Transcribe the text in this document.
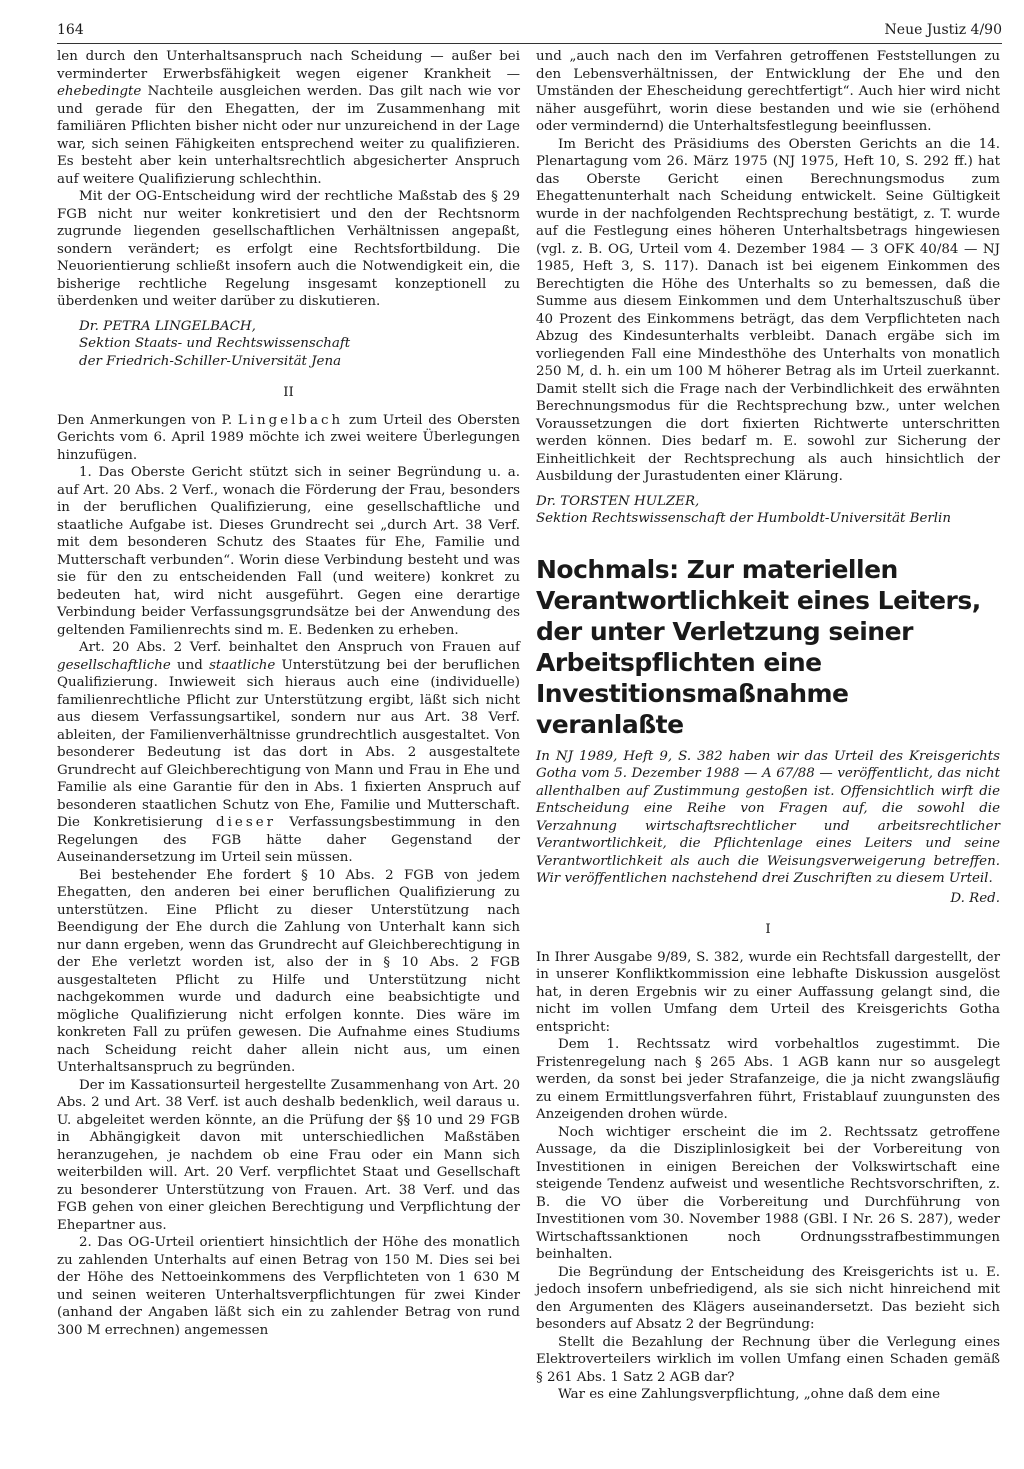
164	Neue Justiz 4/90

len durch den Unterhaltsanspruch nach Scheidung — außer bei verminderter Erwerbsfähigkeit wegen eigener Krankheit — ehebedingte Nachteile ausgleichen werden. Das gilt nach wie vor und gerade für den Ehegatten, der im Zusammenhang mit familiären Pflichten bisher nicht oder nur unzureichend in der Lage war, sich seinen Fähigkeiten entsprechend weiter zu qualifizieren. Es besteht aber kein unterhaltsrechtlich abgesicherter Anspruch auf weitere Qualifizierung schlechthin.

Mit der OG-Entscheidung wird der rechtliche Maßstab des § 29 FGB nicht nur weiter konkretisiert und den der Rechtsnorm zugrunde liegenden gesellschaftlichen Verhältnissen angepaßt, sondern verändert; es erfolgt eine Rechtsfortbildung. Die Neuorientierung schließt insofern auch die Notwendigkeit ein, die bisherige rechtliche Regelung insgesamt konzeptionell zu überdenken und weiter darüber zu diskutieren.

Dr. PETRA LINGELBACH,
Sektion Staats- und Rechtswissenschaft
der Friedrich-Schiller-Universität Jena

II

Den Anmerkungen von P. Lingelbach zum Urteil des Obersten Gerichts vom 6. April 1989 möchte ich zwei weitere Überlegungen hinzufügen.

1. Das Oberste Gericht stützt sich in seiner Begründung u. a. auf Art. 20 Abs. 2 Verf., wonach die Förderung der Frau, besonders in der beruflichen Qualifizierung, eine gesellschaftliche und staatliche Aufgabe ist. Dieses Grundrecht sei „durch Art. 38 Verf. mit dem besonderen Schutz des Staates für Ehe, Familie und Mutterschaft verbunden“. Worin diese Verbindung besteht und was sie für den zu entscheidenden Fall (und weitere) konkret zu bedeuten hat, wird nicht ausgeführt. Gegen eine derartige Verbindung beider Verfassungsgrundsätze bei der Anwendung des geltenden Familienrechts sind m. E. Bedenken zu erheben.

Art. 20 Abs. 2 Verf. beinhaltet den Anspruch von Frauen auf gesellschaftliche und staatliche Unterstützung bei der beruflichen Qualifizierung. Inwieweit sich hieraus auch eine (individuelle) familienrechtliche Pflicht zur Unterstützung ergibt, läßt sich nicht aus diesem Verfassungsartikel, sondern nur aus Art. 38 Verf. ableiten, der Familienverhältnisse grundrechtlich ausgestaltet. Von besonderer Bedeutung ist das dort in Abs. 2 ausgestaltete Grundrecht auf Gleichberechtigung von Mann und Frau in Ehe und Familie als eine Garantie für den in Abs. 1 fixierten Anspruch auf besonderen staatlichen Schutz von Ehe, Familie und Mutterschaft. Die Konkretisierung dieser Verfassungsbestimmung in den Regelungen des FGB hätte daher Gegenstand der Auseinandersetzung im Urteil sein müssen.

Bei bestehender Ehe fordert § 10 Abs. 2 FGB von jedem Ehegatten, den anderen bei einer beruflichen Qualifizierung zu unterstützen. Eine Pflicht zu dieser Unterstützung nach Beendigung der Ehe durch die Zahlung von Unterhalt kann sich nur dann ergeben, wenn das Grundrecht auf Gleichberechtigung in der Ehe verletzt worden ist, also der in § 10 Abs. 2 FGB ausgestalteten Pflicht zu Hilfe und Unterstützung nicht nachgekommen wurde und dadurch eine beabsichtigte und mögliche Qualifizierung nicht erfolgen konnte. Dies wäre im konkreten Fall zu prüfen gewesen. Die Aufnahme eines Studiums nach Scheidung reicht daher allein nicht aus, um einen Unterhaltsanspruch zu begründen.

Der im Kassationsurteil hergestellte Zusammenhang von Art. 20 Abs. 2 und Art. 38 Verf. ist auch deshalb bedenklich, weil daraus u. U. abgeleitet werden könnte, an die Prüfung der §§ 10 und 29 FGB in Abhängigkeit davon mit unterschiedlichen Maßstäben heranzugehen, je nachdem ob eine Frau oder ein Mann sich weiterbilden will. Art. 20 Verf. verpflichtet Staat und Gesellschaft zu besonderer Unterstützung von Frauen. Art. 38 Verf. und das FGB gehen von einer gleichen Berechtigung und Verpflichtung der Ehepartner aus.

2. Das OG-Urteil orientiert hinsichtlich der Höhe des monatlich zu zahlenden Unterhalts auf einen Betrag von 150 M. Dies sei bei der Höhe des Nettoeinkommens des Verpflichteten von 1 630 M und seinen weiteren Unterhaltsverpflichtungen für zwei Kinder (anhand der Angaben läßt sich ein zu zahlender Betrag von rund 300 M errechnen) angemessen

und „auch nach den im Verfahren getroffenen Feststellungen zu den Lebensverhältnissen, der Entwicklung der Ehe und den Umständen der Ehescheidung gerechtfertigt“. Auch hier wird nicht näher ausgeführt, worin diese bestanden und wie sie (erhöhend oder vermindernd) die Unterhaltsfestlegung beeinflussen.

Im Bericht des Präsidiums des Obersten Gerichts an die 14. Plenartagung vom 26. März 1975 (NJ 1975, Heft 10, S. 292 ff.) hat das Oberste Gericht einen Berechnungsmodus zum Ehegattenunterhalt nach Scheidung entwickelt. Seine Gültigkeit wurde in der nachfolgenden Rechtsprechung bestätigt, z. T. wurde auf die Festlegung eines höheren Unterhaltsbetrags hingewiesen (vgl. z. B. OG, Urteil vom 4. Dezember 1984 — 3 OFK 40/84 — NJ 1985, Heft 3, S. 117). Danach ist bei eigenem Einkommen des Berechtigten die Höhe des Unterhalts so zu bemessen, daß die Summe aus diesem Einkommen und dem Unterhaltszuschuß über 40 Prozent des Einkommens beträgt, das dem Verpflichteten nach Abzug des Kindesunterhalts verbleibt. Danach ergäbe sich im vorliegenden Fall eine Mindesthöhe des Unterhalts von monatlich 250 M, d. h. ein um 100 M höherer Betrag als im Urteil zuerkannt. Damit stellt sich die Frage nach der Verbindlichkeit des erwähnten Berechnungsmodus für die Rechtsprechung bzw., unter welchen Voraussetzungen die dort fixierten Richtwerte unterschritten werden können. Dies bedarf m. E. sowohl zur Sicherung der Einheitlichkeit der Rechtsprechung als auch hinsichtlich der Ausbildung der Jurastudenten einer Klärung.

Dr. TORSTEN HULZER,
Sektion Rechtswissenschaft der Humboldt-Universität Berlin

Nochmals: Zur materiellen Verantwortlichkeit eines Leiters, der unter Verletzung seiner Arbeitspflichten eine Investitionsmaßnahme veranlaßte

In NJ 1989, Heft 9, S. 382 haben wir das Urteil des Kreisgerichts Gotha vom 5. Dezember 1988 — A 67/88 — veröffentlicht, das nicht allenthalben auf Zustimmung gestoßen ist. Offensichtlich wirft die Entscheidung eine Reihe von Fragen auf, die sowohl die Verzahnung wirtschaftsrechtlicher und arbeitsrechtlicher Verantwortlichkeit, die Pflichtenlage eines Leiters und seine Verantwortlichkeit als auch die Weisungsverweigerung betreffen. Wir veröffentlichen nachstehend drei Zuschriften zu diesem Urteil.

D. Red.

I

In Ihrer Ausgabe 9/89, S. 382, wurde ein Rechtsfall dargestellt, der in unserer Konfliktkommission eine lebhafte Diskussion ausgelöst hat, in deren Ergebnis wir zu einer Auffassung gelangt sind, die nicht im vollen Umfang dem Urteil des Kreisgerichts Gotha entspricht:

Dem 1. Rechtssatz wird vorbehaltlos zugestimmt. Die Fristenregelung nach § 265 Abs. 1 AGB kann nur so ausgelegt werden, da sonst bei jeder Strafanzeige, die ja nicht zwangsläufig zu einem Ermittlungsverfahren führt, Fristablauf zuungunsten des Anzeigenden drohen würde.

Noch wichtiger erscheint die im 2. Rechtssatz getroffene Aussage, da die Disziplinlosigkeit bei der Vorbereitung von Investitionen in einigen Bereichen der Volkswirtschaft eine steigende Tendenz aufweist und wesentliche Rechtsvorschriften, z. B. die VO über die Vorbereitung und Durchführung von Investitionen vom 30. November 1988 (GBl. I Nr. 26 S. 287), weder Wirtschaftssanktionen noch Ordnungsstrafbestimmungen beinhalten.

Die Begründung der Entscheidung des Kreisgerichts ist u. E. jedoch insofern unbefriedigend, als sie sich nicht hinreichend mit den Argumenten des Klägers auseinandersetzt. Das bezieht sich besonders auf Absatz 2 der Begründung:

Stellt die Bezahlung der Rechnung über die Verlegung eines Elektroverteilers wirklich im vollen Umfang einen Schaden gemäß § 261 Abs. 1 Satz 2 AGB dar?

War es eine Zahlungsverpflichtung, „ohne daß dem eine
